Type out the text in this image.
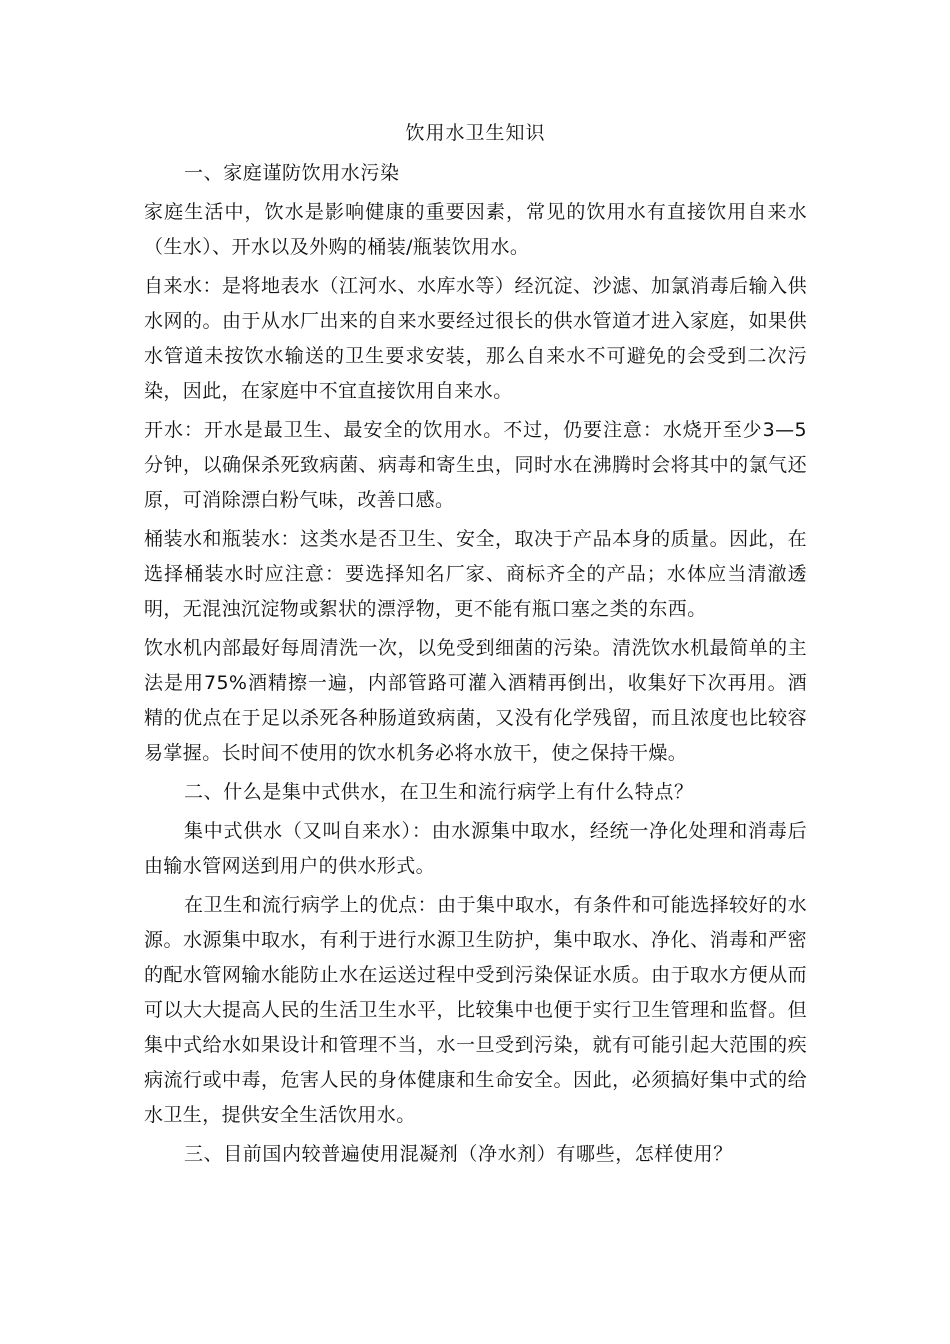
饮用水卫生知识

一、家庭谨防饮用水污染

家庭生活中，饮水是影响健康的重要因素，常见的饮用水有直接饮用自来水（生水）、开水以及外购的桶装/瓶装饮用水。

自来水：是将地表水（江河水、水库水等）经沉淀、沙滤、加氯消毒后输入供水网的。由于从水厂出来的自来水要经过很长的供水管道才进入家庭，如果供水管道未按饮水输送的卫生要求安装，那么自来水不可避免的会受到二次污染，因此，在家庭中不宜直接饮用自来水。

开水：开水是最卫生、最安全的饮用水。不过，仍要注意：水烧开至少3—5分钟，以确保杀死致病菌、病毒和寄生虫，同时水在沸腾时会将其中的氯气还原，可消除漂白粉气味，改善口感。

桶装水和瓶装水：这类水是否卫生、安全，取决于产品本身的质量。因此，在选择桶装水时应注意：要选择知名厂家、商标齐全的产品；水体应当清澈透明，无混浊沉淀物或絮状的漂浮物，更不能有瓶口塞之类的东西。

饮水机内部最好每周清洗一次，以免受到细菌的污染。清洗饮水机最简单的主法是用75%酒精擦一遍，内部管路可灌入酒精再倒出，收集好下次再用。酒精的优点在于足以杀死各种肠道致病菌，又没有化学残留，而且浓度也比较容易掌握。长时间不使用的饮水机务必将水放干，使之保持干燥。

二、什么是集中式供水，在卫生和流行病学上有什么特点？

集中式供水（又叫自来水）：由水源集中取水，经统一净化处理和消毒后由输水管网送到用户的供水形式。

在卫生和流行病学上的优点：由于集中取水，有条件和可能选择较好的水源。水源集中取水，有利于进行水源卫生防护，集中取水、净化、消毒和严密的配水管网输水能防止水在运送过程中受到污染保证水质。由于取水方便从而可以大大提高人民的生活卫生水平，比较集中也便于实行卫生管理和监督。但集中式给水如果设计和管理不当，水一旦受到污染，就有可能引起大范围的疾病流行或中毒，危害人民的身体健康和生命安全。因此，必须搞好集中式的给水卫生，提供安全生活饮用水。

三、目前国内较普遍使用混凝剂（净水剂）有哪些，怎样使用？
